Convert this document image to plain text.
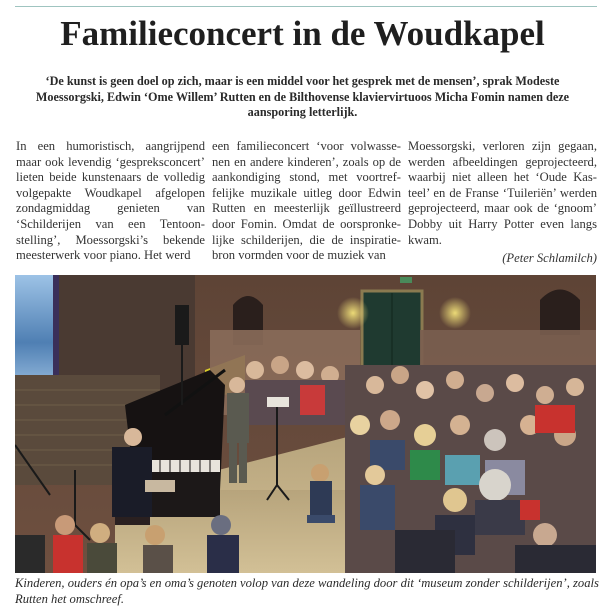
Familieconcert in de Woudkapel

‘De kunst is geen doel op zich, maar is een middel voor het gesprek met de mensen’, sprak Modeste Moessorgski, Edwin ‘Ome Willem’ Rutten en de Bilthovense klaviervirtuoos Micha Fomin namen deze aansporing letterlijk.

In een humoristisch, aangrijpend maar ook levendig ‘gespreksconcert’ lieten beide kunstenaars de volledig volgepakte Woudkapel afgelopen zondagmiddag genieten van ‘Schilderijen van een Tentoonstelling’, Moessorgski’s bekende meesterwerk voor piano. Het werd

een familieconcert ‘voor volwassenen en andere kinderen’, zoals op de aankondiging stond, met voortreffelijke muzikale uitleg door Edwin Rutten en meesterlijk geïllustreerd door Fomin. Omdat de oorspronkelijke schilderijen, die de inspiratiebron vormden voor de muziek van

Moessorgski, verloren zijn gegaan, werden afbeeldingen geprojecteerd, waarbij niet alleen het ‘Oude Kasteel’ en de Franse ‘Tuileriën’ werden geprojecteerd, maar ook de ‘gnoom’ Dobby uit Harry Potter even langs kwam.

(Peter Schlamilch)

Kinderen, ouders én opa’s en oma’s genoten volop van deze wandeling door dit ‘museum zonder schilderijen’, zoals Rutten het omschreef.
